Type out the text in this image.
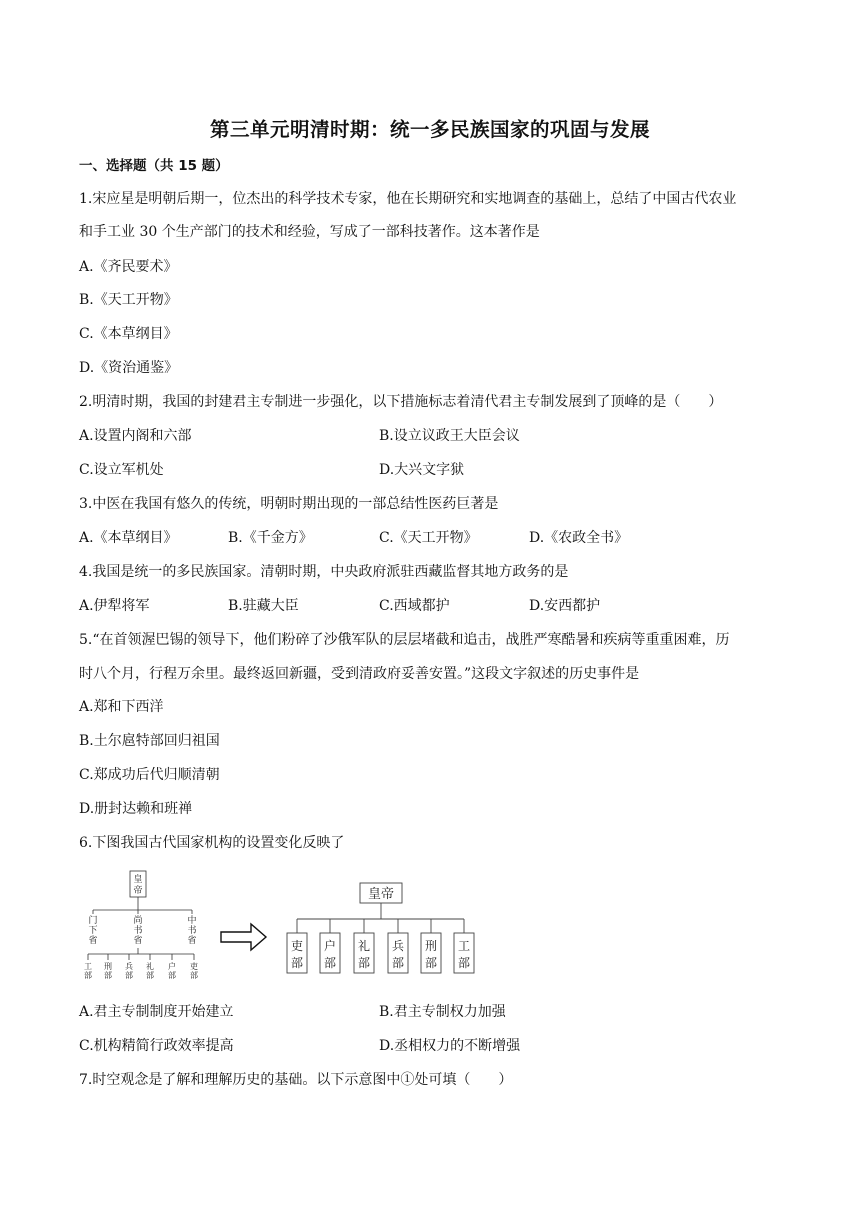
第三单元明清时期：统一多民族国家的巩固与发展
一、选择题（共 15 题）
1.宋应星是明朝后期一，位杰出的科学技术专家，他在长期研究和实地调查的基础上，总结了中国古代农业
和手工业 30 个生产部门的技术和经验，写成了一部科技著作。这本著作是
A.《齐民要术》
B.《天工开物》
C.《本草纲目》
D.《资治通鉴》
2.明清时期，我国的封建君主专制进一步强化，以下措施标志着清代君主专制发展到了顶峰的是（　　）
A.设置内阁和六部	B.设立议政王大臣会议
C.设立军机处	D.大兴文字狱
3.中医在我国有悠久的传统，明朝时期出现的一部总结性医药巨著是
A.《本草纲目》	B.《千金方》	C.《天工开物》	D.《农政全书》
4.我国是统一的多民族国家。清朝时期，中央政府派驻西藏监督其地方政务的是
A.伊犁将军	B.驻藏大臣	C.西域都护	D.安西都护
5.“在首领渥巴锡的领导下，他们粉碎了沙俄军队的层层堵截和追击，战胜严寒酷暑和疾病等重重困难，历
时八个月，行程万余里。最终返回新疆，受到清政府妥善安置。”这段文字叙述的历史事件是
A.郑和下西洋
B.土尔扈特部回归祖国
C.郑成功后代归顺清朝
D.册封达赖和班禅
6.下图我国古代国家机构的设置变化反映了
皇
帝
门
下
省
尚
书
省
中
书
省
工
部
刑
部
兵
部
礼
部
户
部
吏
部
皇帝
吏
部
户
部
礼
部
兵
部
刑
部
工
部
A.君主专制制度开始建立	B.君主专制权力加强
C.机构精简行政效率提高	D.丞相权力的不断增强
7.时空观念是了解和理解历史的基础。以下示意图中①处可填（　　）
